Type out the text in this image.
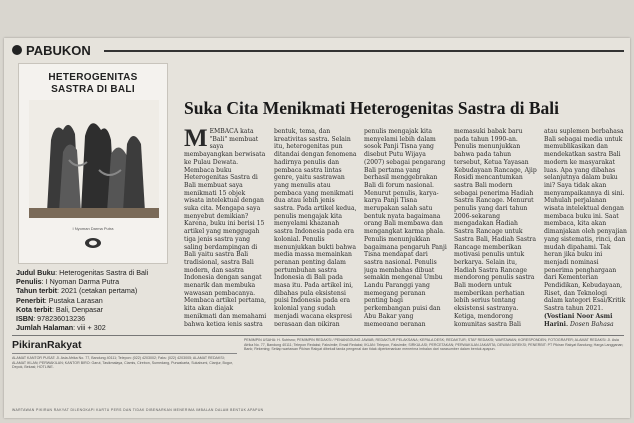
PABUKON
HETEROGENITAS
SASTRA DI BALI
I Nyoman Darma Putra
Judul Buku: Heterogenitas Sastra di Bali
Penulis: I Nyoman Darma Putra
Tahun terbit: 2021 (cetakan pertama)
Penerbit: Pustaka Larasan
Kota terbit: Bali, Denpasar
ISBN: 978236013236
Jumlah Halaman: viii + 302
Suka Cita Menikmati Heterogenitas Sastra di Bali
MEMBACA kata "Bali" membuat saya membayangkan berwisata ke Pulau Dewata. Membaca buku Heterogenitas Sastra di Bali membuat saya menikmati 15 objek wisata intelektual dengan suka cita. Mengapa saya menyebut demikian? Karena, buku ini berisi 15 artikel yang menggugah tiga jenis sastra yang saling berdampingan di Bali yaitu sastra Bali tradisional, sastra Bali modern, dan sastra Indonesia dengan sangat menarik dan membuka wawasan pembacanya. Membaca artikel pertama, kita akan diajak menikmati dan memahami bahwa ketiga jenis sastra
bentuk, tema, dan kreativitas sastra. Selain itu, heterogenitas pun ditandai dengan fenomena hadirnya penulis dan pembaca sastra lintas genre, yaitu sastrawan yang menulis atau pembaca yang menikmati dua atau lebih jenis sastra. Pada artikel kedua, penulis mengajak kita menyelami khazanah sastra Indonesia pada era kolonial. Penulis menunjukkan bukti bahwa media massa memainkan peranan penting dalam pertumbuhan sastra Indonesia di Bali pada masa itu. Pada artikel ini, dibahas pula eksistensi puisi Indonesia pada era kolonial yang sudah menjadi wacana ekspresi perasaan dan pikiran
penulis mengajak kita menyelami lebih dalam sosok Panji Tisna yang disebut Putu Wijaya (2007) sebagai pengarang Bali pertama yang berhasil menggebrakan Bali di forum nasional. Menurut penulis, karya-karya Panji Tisna merupakan salah satu bentuk nyata bagaimana orang Bali membawa dan mengangkat karma phala. Penulis menunjukkan bagaimana pengaruh Panji Tisna mendapat dari sastra nasional. Penulis juga membahas dibuat semakin mengenal Umbu Landu Paranggi yang memegang peranan penting bagi perkembangan puisi dan Abu Bakar yang memegang peranan
memasuki babak baru pada tahun 1990-an. Penulis menunjukkan bahwa pada tahun tersebut, Ketua Yayasan Kebudayaan Rancage, Ajip Rosidi mencantumkan sastra Bali modern sebagai penerima Hadiah Sastra Rancage. Menurut penulis yang dari tahun 2006-sekarang mengadakan Hadiah Sastra Rancage untuk Sastra Bali, Hadiah Sastra Rancage memberikan motivasi penulis untuk berkarya. Selain itu, Hadiah Sastra Rancage mendorong penulis sastra Bali modern untuk memberikan perhatian lebih serius tentang eksistensi sastranya. Ketiga, mendorong komunitas sastra Bali
atau suplemen berbahasa Bali sebagai media untuk memublikasikan dan mendekatkan sastra Bali modern ke masyarakat luas. Apa yang dibahas selanjutnya dalam buku ini? Saya tidak akan menyampaikannya di sini. Muhulah perjalanan wisata intelektual dengan membaca buku ini. Saat membaca, kita akan dimanjakan oleh penyajian yang sistematis, rinci, dan mudah dipahami. Tak heran jika buku ini menjadi nominasi penerima penghargaan dari Kementerian Pendidikan, Kebudayaan, Riset, dan Teknologi dalam kategori Esai/Kritik Sastra tahun 2021. (Vostiani Noor Asmi Harini, Dosen Bahasa
PikiranRakyat
ALAMAT KANTOR PUSAT: Jl. Asia Afrika No. 77, Bandung 40111; Telepon: (022) 4203002; Faks: (022) 4203005; ALAMAT REDAKSI; ALAMAT IKLAN; PERWAKILAN; KANTOR BIRO: Garut, Tasikmalaya, Ciamis, Cirebon, Sumedang, Purwakarta, Sukabumi, Cianjur, Bogor, Depok, Bekasi; HOTLINE.
PEMIMPIN USAHA: H. Sutrisno; PEMIMPIN REDAKSI / PENANGGUNG JAWAB; REDAKTUR PELAKSANA; KEPALA DESK; REDAKTUR; STAF REDAKSI; WARTAWAN; KORESPONDEN; FOTOGRAFER; ALAMAT REDAKSI: Jl. Asia Afrika No. 77, Bandung 40111; Telepon Redaksi; Faksimile; Email Redaksi; IKLAN: Telepon, Faksimile; SIRKULASI; PERCETAKAN; PERWAKILAN JAKARTA; DEWAN DIREKSI; PENERBIT: PT Pikiran Rakyat Bandung; Harga Langganan; Bank; Rekening; Setiap wartawan Pikiran Rakyat dibekali tanda pengenal dan tidak diperkenankan menerima imbalan dari narasumber dalam bentuk apapun.
WARTAWAN PIKIRAN RAKYAT DILENGKAPI KARTU PERS DAN TIDAK DIBENARKAN MENERIMA IMBALAN DALAM BENTUK APAPUN
